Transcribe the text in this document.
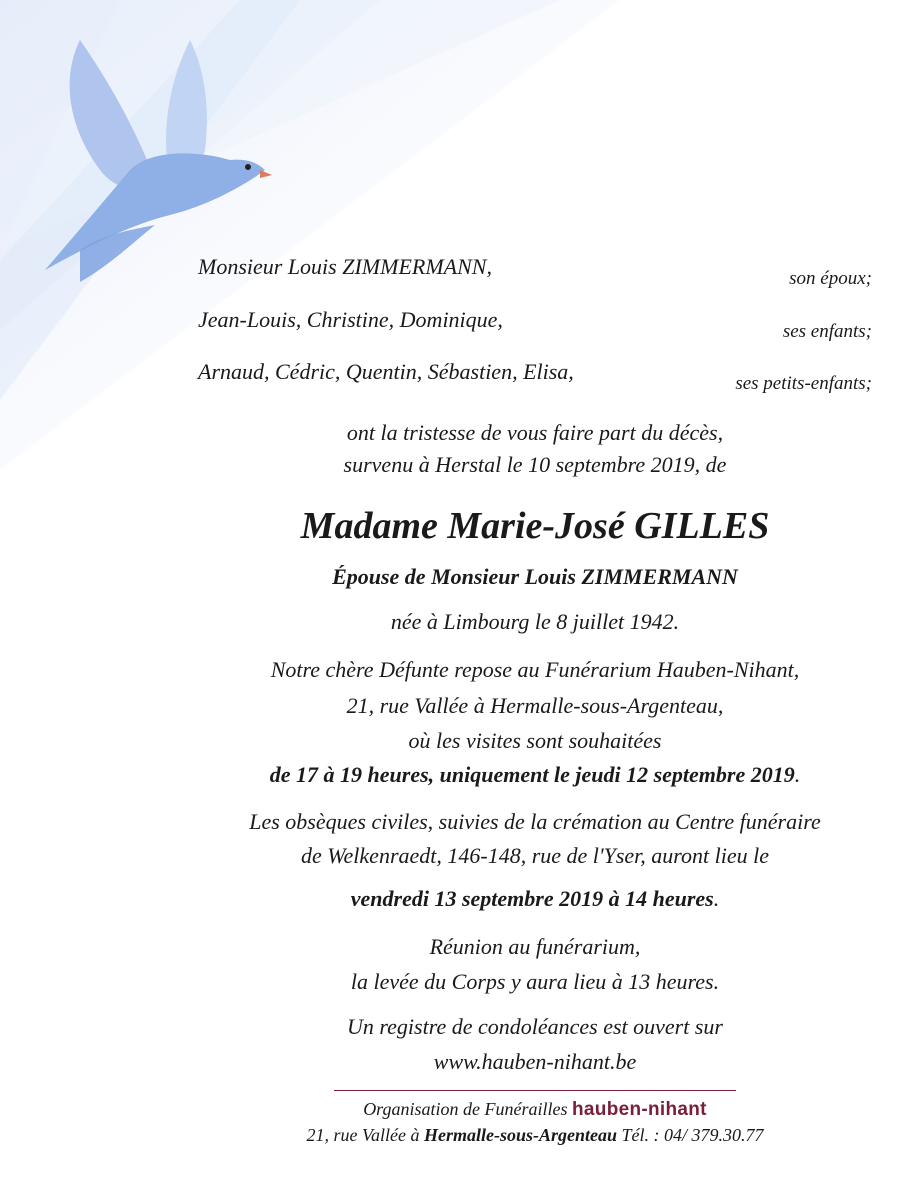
Monsieur Louis ZIMMERMANN,	son époux;
Jean-Louis, Christine, Dominique,	ses enfants;
Arnaud, Cédric, Quentin, Sébastien, Elisa,	ses petits-enfants;
ont la tristesse de vous faire part du décès,
survenu à Herstal le 10 septembre 2019, de
Madame Marie-José GILLES
Épouse de Monsieur Louis ZIMMERMANN
née à Limbourg le 8 juillet 1942.
Notre chère Défunte repose au Funérarium Hauben-Nihant,
21, rue Vallée à Hermalle-sous-Argenteau,
où les visites sont souhaitées
de 17 à 19 heures, uniquement le jeudi 12 septembre 2019.
Les obsèques civiles, suivies de la crémation au Centre funéraire
de Welkenraedt, 146-148, rue de l'Yser, auront lieu le
vendredi 13 septembre 2019 à 14 heures.
Réunion au funérarium,
la levée du Corps y aura lieu à 13 heures.
Un registre de condoléances est ouvert sur
www.hauben-nihant.be
Organisation de Funérailles hauben-nihant
21, rue Vallée à Hermalle-sous-Argenteau Tél. : 04/ 379.30.77
